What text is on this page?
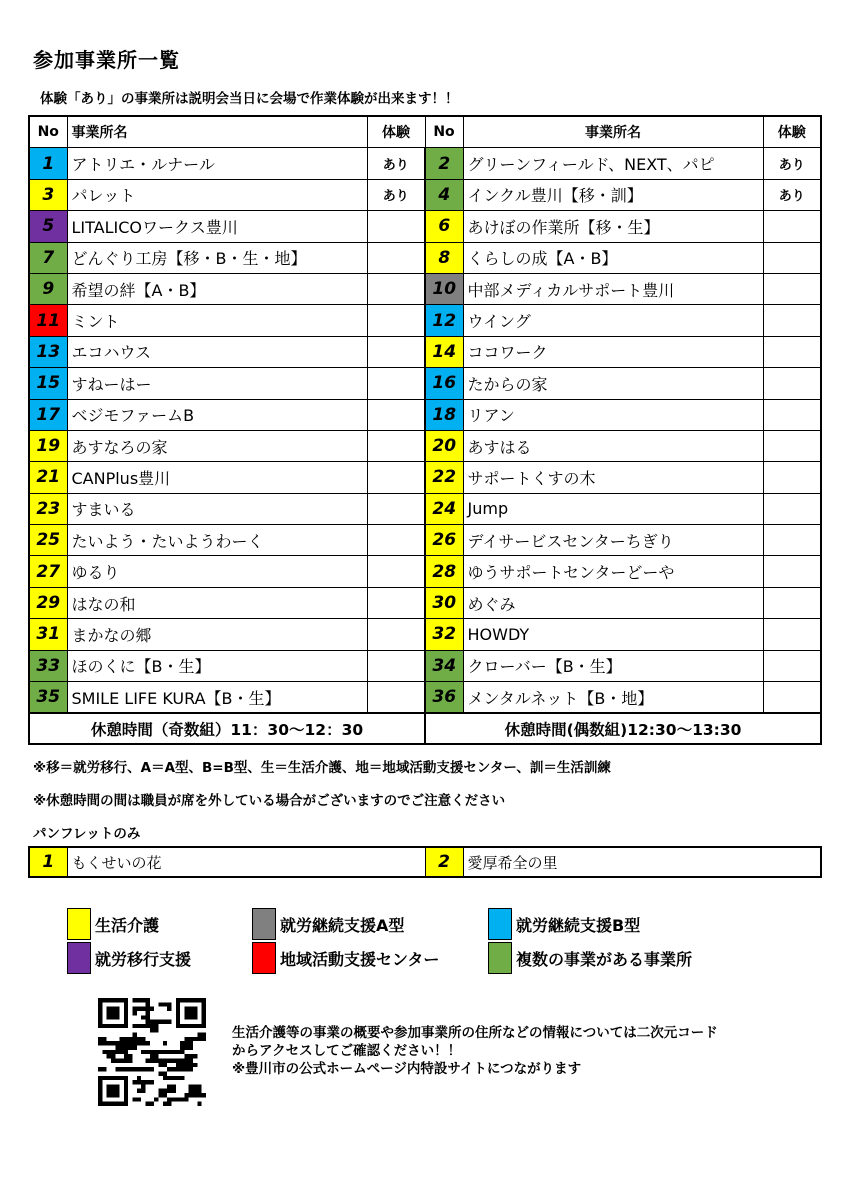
参加事業所一覧
体験「あり」の事業所は説明会当日に会場で作業体験が出来ます！！
No	事業所名	体験	No	事業所名	体験
1	アトリエ・ルナール	あり	2	グリーンフィールド、NEXT、パピ	あり
3	パレット	あり	4	インクル豊川【移・訓】	あり
5	LITALICOワークス豊川		6	あけぼの作業所【移・生】	
7	どんぐり工房【移・B・生・地】		8	くらしの成【A・B】	
9	希望の絆【A・B】		10	中部メディカルサポート豊川	
11	ミント		12	ウイング	
13	エコハウス		14	ココワーク	
15	すねーはー		16	たからの家	
17	ベジモファームB		18	リアン	
19	あすなろの家		20	あすはる	
21	CANPlus豊川		22	サポートくすの木	
23	すまいる		24	Jump	
25	たいよう・たいようわーく		26	デイサービスセンターちぎり	
27	ゆるり		28	ゆうサポートセンターどーや	
29	はなの和		30	めぐみ	
31	まかなの郷		32	HOWDY	
33	ほのくに【B・生】		34	クローバー【B・生】	
35	SMILE LIFE KURA【B・生】		36	メンタルネット【B・地】	
休憩時間（奇数組）11：30～12：30			休憩時間(偶数組)12:30～13:30		
※移＝就労移行、A＝A型、B=B型、生＝生活介護、地＝地域活動支援センター、訓＝生活訓練
※休憩時間の間は職員が席を外している場合がございますのでご注意ください
パンフレットのみ
1	もくせいの花	2	愛厚希全の里
生活介護	就労継続支援A型	就労継続支援B型
就労移行支援	地域活動支援センター	複数の事業がある事業所
生活介護等の事業の概要や参加事業所の住所などの情報については二次元コード
からアクセスしてご確認ください！！
※豊川市の公式ホームページ内特設サイトにつながります
